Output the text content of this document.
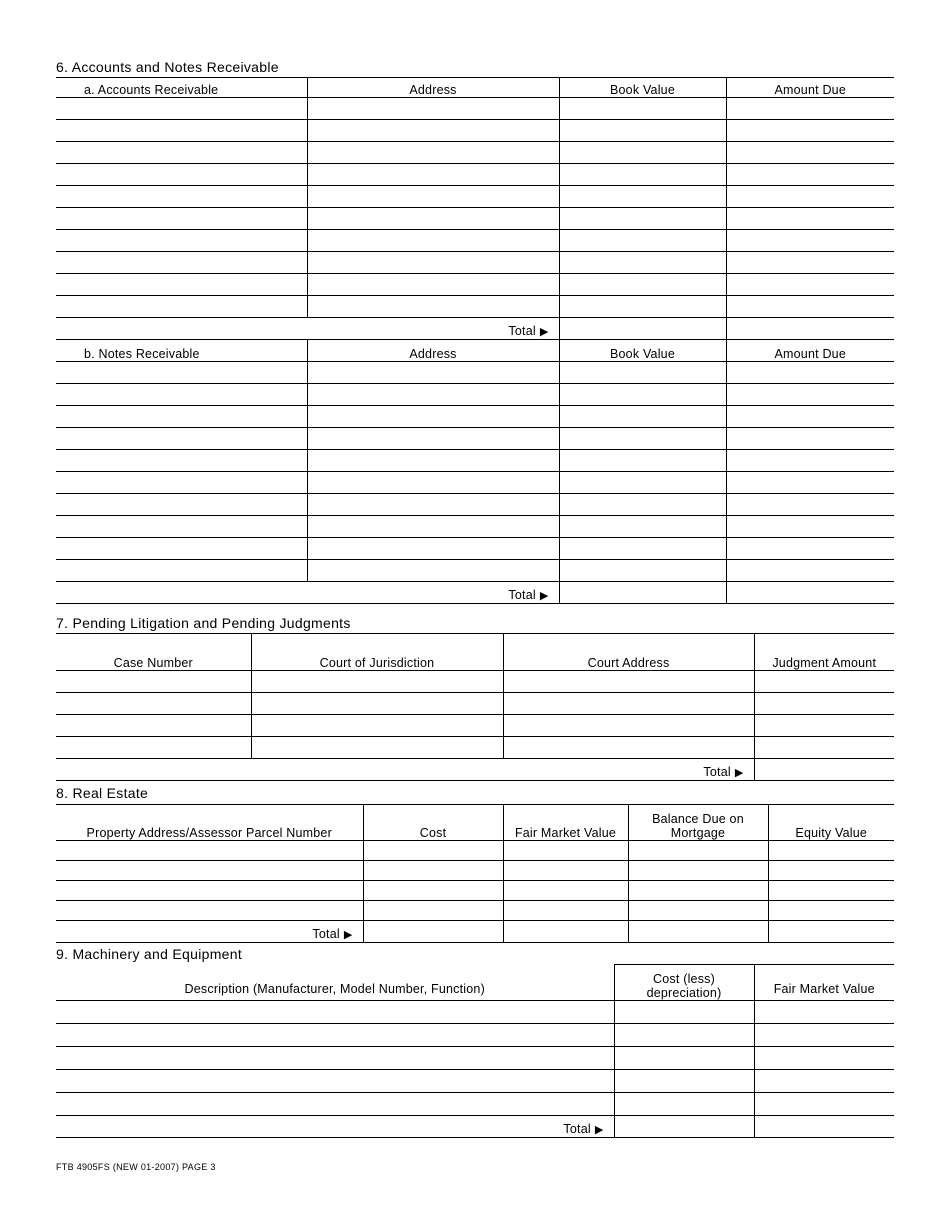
6. Accounts and Notes Receivable
a. Accounts Receivable	Address	Book Value	Amount Due

Total ▶			
b. Notes Receivable	Address	Book Value	Amount Due

Total ▶			
7. Pending Litigation and Pending Judgments
Case Number	Court of Jurisdiction	Court Address	Judgment Amount

Total ▶			
8. Real Estate
Property Address/Assessor Parcel Number	Cost	Fair Market Value	Balance Due on Mortgage	Equity Value

Total ▶				
9. Machinery and Equipment
Description (Manufacturer, Model Number, Function)	Cost (less) depreciation)	Fair Market Value

Total ▶		
FTB 4905FS (NEW 01-2007) PAGE 3
